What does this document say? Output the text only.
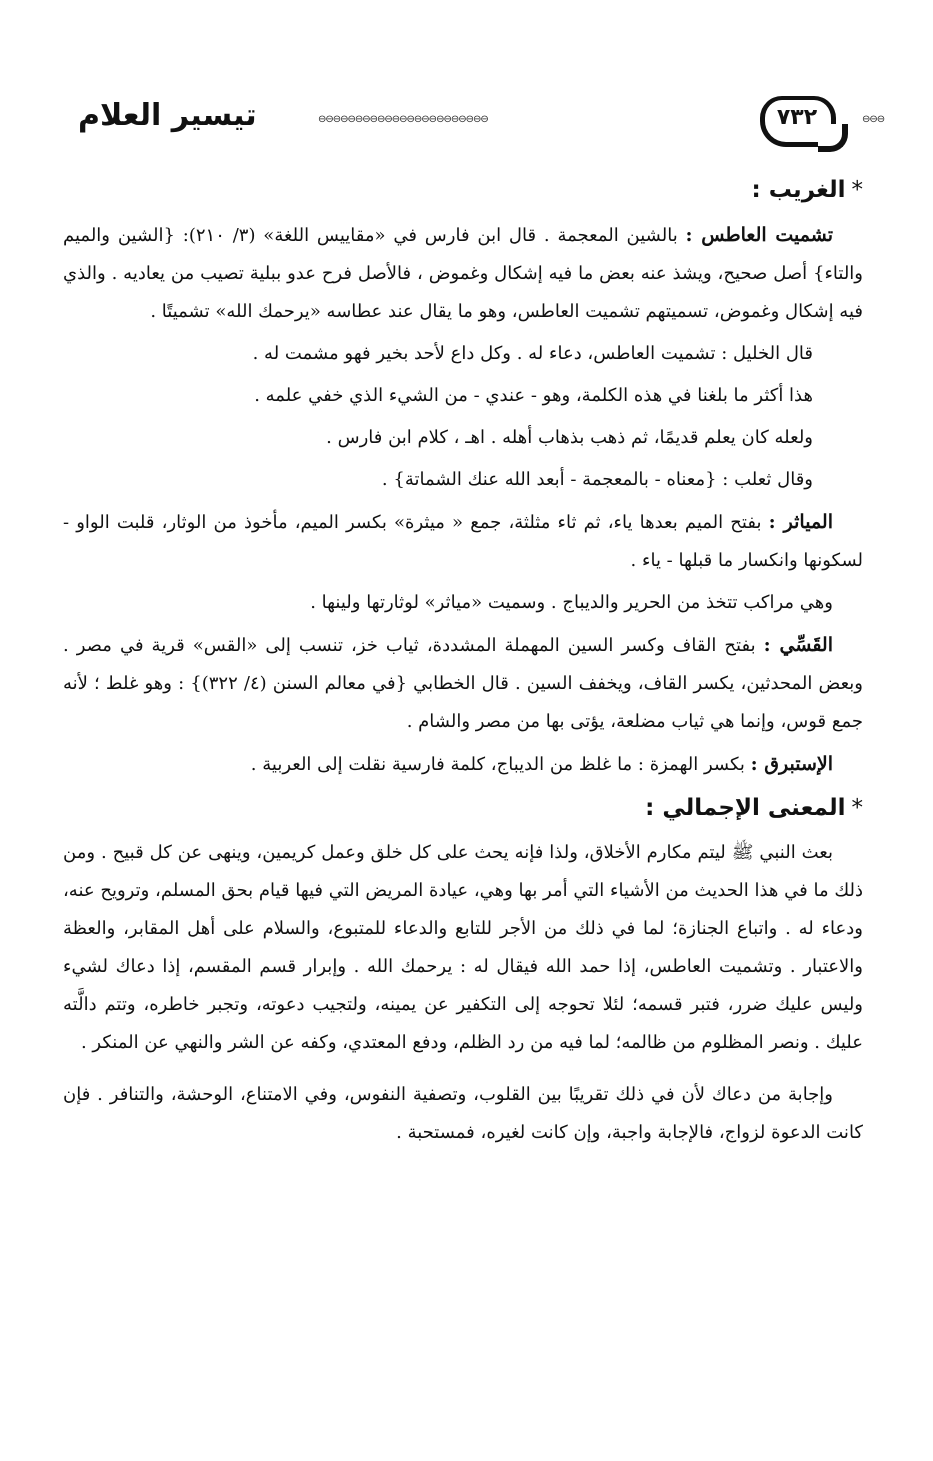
تيسير العلام	⊖⊖⊖⊖⊖⊖⊖⊖⊖⊖⊖⊖⊖⊖⊖⊖⊖⊖⊖⊖⊖⊖⊖	٧٣٢	⊖⊖⊖
*الغريب :

تشميت العاطس : بالشين المعجمة . قال ابن فارس في «مقاييس اللغة» (٣/ ٢١٠): {الشين والميم والتاء} أصل صحيح، ويشذ عنه بعض ما فيه إشكال وغموض ، فالأصل فرح عدو ببلية تصيب من يعاديه . والذي فيه إشكال وغموض، تسميتهم تشميت العاطس، وهو ما يقال عند عطاسه «يرحمك الله» تشميتًا .

قال الخليل : تشميت العاطس، دعاء له . وكل داع لأحد بخير فهو مشمت له .

هذا أكثر ما بلغنا في هذه الكلمة، وهو - عندي - من الشيء الذي خفي علمه .

ولعله كان يعلم قديمًا، ثم ذهب بذهاب أهله . اهـ ، كلام ابن فارس .

وقال ثعلب : {معناه - بالمعجمة - أبعد الله عنك الشماتة} .

المياثر : بفتح الميم بعدها ياء، ثم ثاء مثلثة، جمع « ميثرة» بكسر الميم، مأخوذ من الوثار، قلبت الواو - لسكونها وانكسار ما قبلها - ياء .

وهي مراكب تتخذ من الحرير والديباج . وسميت «مياثر» لوثارتها ولينها .

القَسِّي : بفتح القاف وكسر السين المهملة المشددة، ثياب خز، تنسب إلى «القس» قرية في مصر . وبعض المحدثين، يكسر القاف، ويخفف السين . قال الخطابي {في معالم السنن (٤/ ٣٢٢)} : وهو غلط ؛ لأنه جمع قوس، وإنما هي ثياب مضلعة، يؤتى بها من مصر والشام .

الإستبرق : بكسر الهمزة : ما غلظ من الديباج، كلمة فارسية نقلت إلى العربية .

*المعنى الإجمالي :

بعث النبي ﷺ ليتم مكارم الأخلاق، ولذا فإنه يحث على كل خلق وعمل كريمين، وينهى عن كل قبيح . ومن ذلك ما في هذا الحديث من الأشياء التي أمر بها وهي، عيادة المريض التي فيها قيام بحق المسلم، وترويح عنه، ودعاء له . واتباع الجنازة؛ لما في ذلك من الأجر للتابع والدعاء للمتبوع، والسلام على أهل المقابر، والعظة والاعتبار . وتشميت العاطس، إذا حمد الله فيقال له : يرحمك الله . وإبرار قسم المقسم، إذا دعاك لشيء وليس عليك ضرر، فتبر قسمه؛ لئلا تحوجه إلى التكفير عن يمينه، ولتجيب دعوته، وتجبر خاطره، وتتم دالَّته عليك . ونصر المظلوم من ظالمه؛ لما فيه من رد الظلم، ودفع المعتدي، وكفه عن الشر والنهي عن المنكر .

وإجابة من دعاك لأن في ذلك تقريبًا بين القلوب، وتصفية النفوس، وفي الامتناع، الوحشة، والتنافر . فإن كانت الدعوة لزواج، فالإجابة واجبة، وإن كانت لغيره، فمستحبة .
